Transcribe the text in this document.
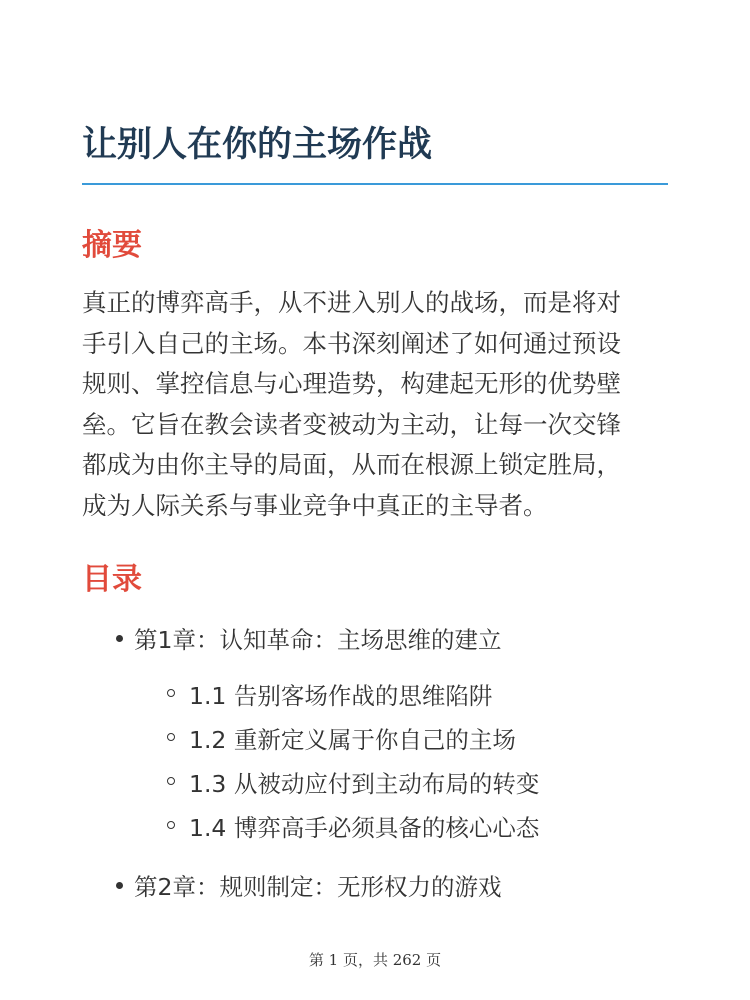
让别人在你的主场作战
摘要

真正的博弈高手，从不进入别人的战场，而是将对
手引入自己的主场。本书深刻阐述了如何通过预设
规则、掌控信息与心理造势，构建起无形的优势壁
垒。它旨在教会读者变被动为主动，让每一次交锋
都成为由你主导的局面，从而在根源上锁定胜局，
成为人际关系与事业竞争中真正的主导者。

目录
第1章：认知革命：主场思维的建立
1.1 告别客场作战的思维陷阱
1.2 重新定义属于你自己的主场
1.3 从被动应付到主动布局的转变
1.4 博弈高手必须具备的核心心态
第2章：规则制定：无形权力的游戏
第 1 页，共 262 页
